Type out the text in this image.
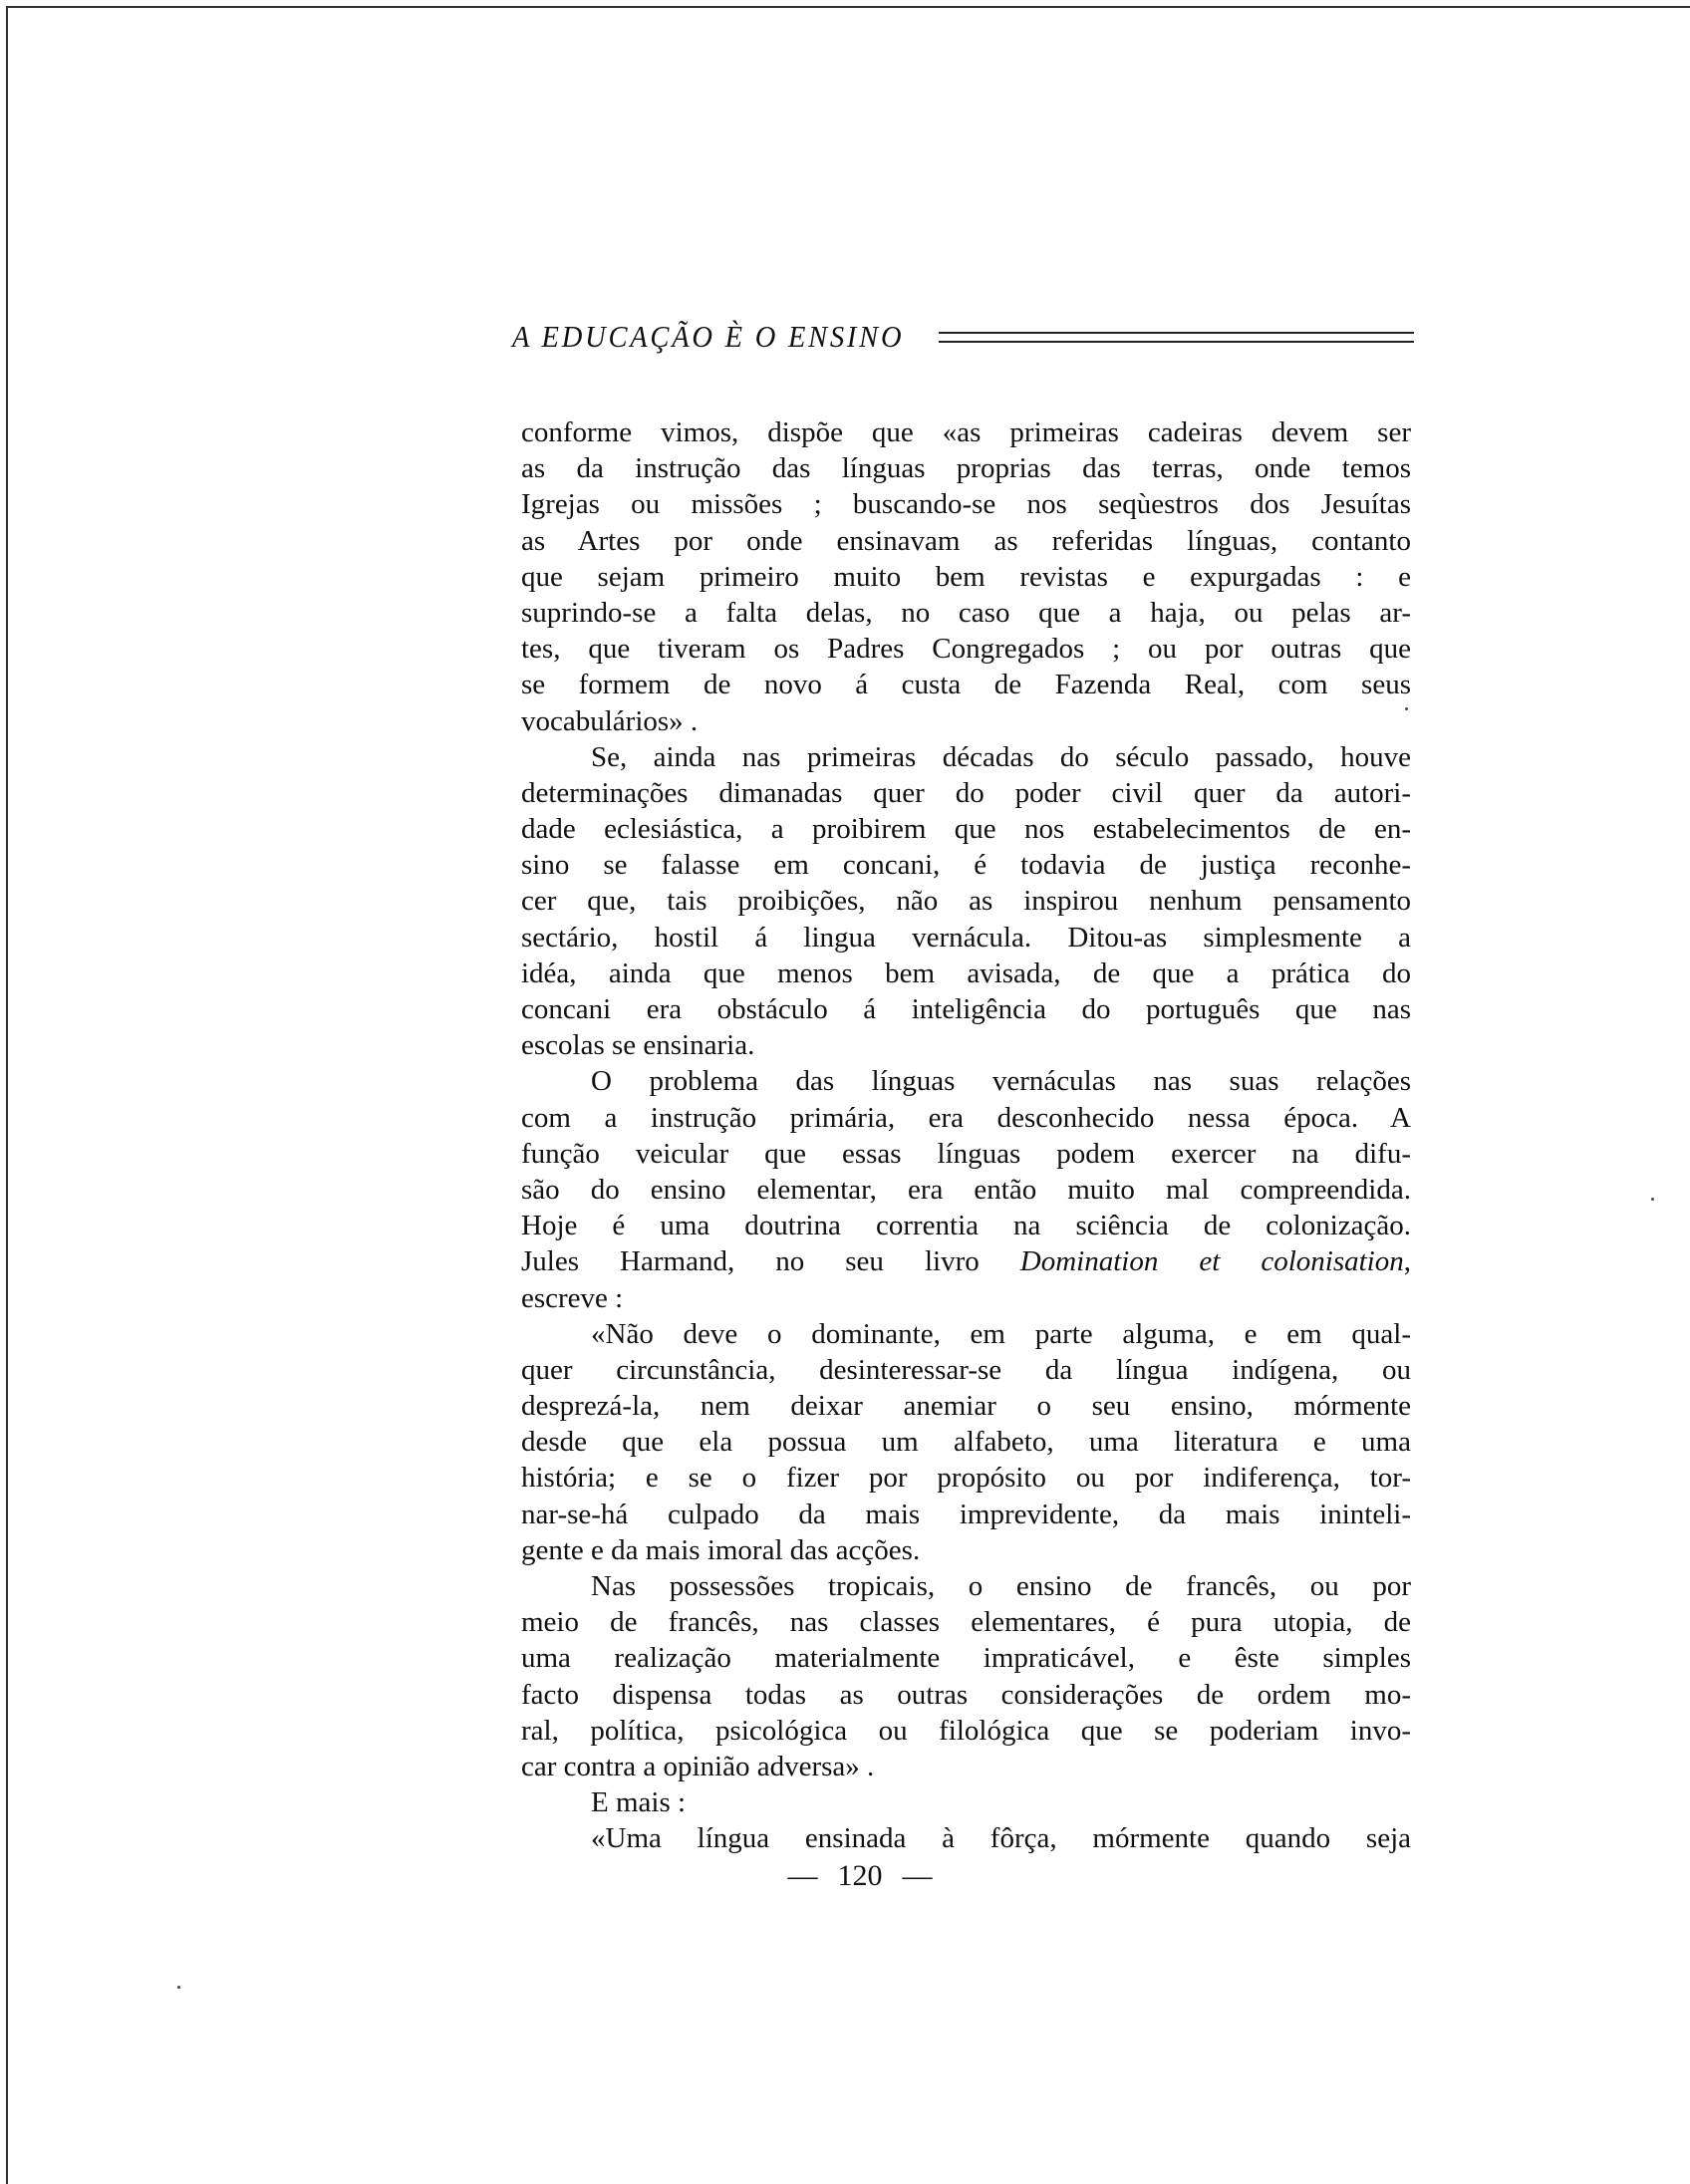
A EDUCAÇÃO È O ENSINO
conforme vimos, dispõe que «as primeiras cadeiras devem ser
as da instrução das línguas proprias das terras, onde temos
Igrejas ou missões ; buscando-se nos seqùestros dos Jesuítas
as Artes por onde ensinavam as referidas línguas, contanto
que sejam primeiro muito bem revistas e expurgadas : e
suprindo-se a falta delas, no caso que a haja, ou pelas ar-
tes, que tiveram os Padres Congregados ; ou por outras que
se formem de novo á custa de Fazenda Real, com seus
vocabulários» .
Se, ainda nas primeiras décadas do século passado, houve
determinações dimanadas quer do poder civil quer da autori-
dade eclesiástica, a proibirem que nos estabelecimentos de en-
sino se falasse em concani, é todavia de justiça reconhe-
cer que, tais proibições, não as inspirou nenhum pensamento
sectário, hostil á lingua vernácula. Ditou-as simplesmente a
idéa, ainda que menos bem avisada, de que a prática do
concani era obstáculo á inteligência do português que nas
escolas se ensinaria.
O problema das línguas vernáculas nas suas relações
com a instrução primária, era desconhecido nessa época. A
função veicular que essas línguas podem exercer na difu-
são do ensino elementar, era então muito mal compreendida.
Hoje é uma doutrina correntia na sciência de colonização.
Jules Harmand, no seu livro Domination et colonisation,
escreve :
«Não deve o dominante, em parte alguma, e em qual-
quer circunstância, desinteressar-se da língua indígena, ou
desprezá-la, nem deixar anemiar o seu ensino, mórmente
desde que ela possua um alfabeto, uma literatura e uma
história; e se o fizer por propósito ou por indiferença, tor-
nar-se-há culpado da mais imprevidente, da mais ininteli-
gente e da mais imoral das acções.
Nas possessões tropicais, o ensino de francês, ou por
meio de francês, nas classes elementares, é pura utopia, de
uma realização materialmente impraticável, e êste simples
facto dispensa todas as outras considerações de ordem mo-
ral, política, psicológica ou filológica que se poderiam invo-
car contra a opinião adversa» .
E mais :
«Uma língua ensinada à fôrça, mórmente quando seja
— 120 —
